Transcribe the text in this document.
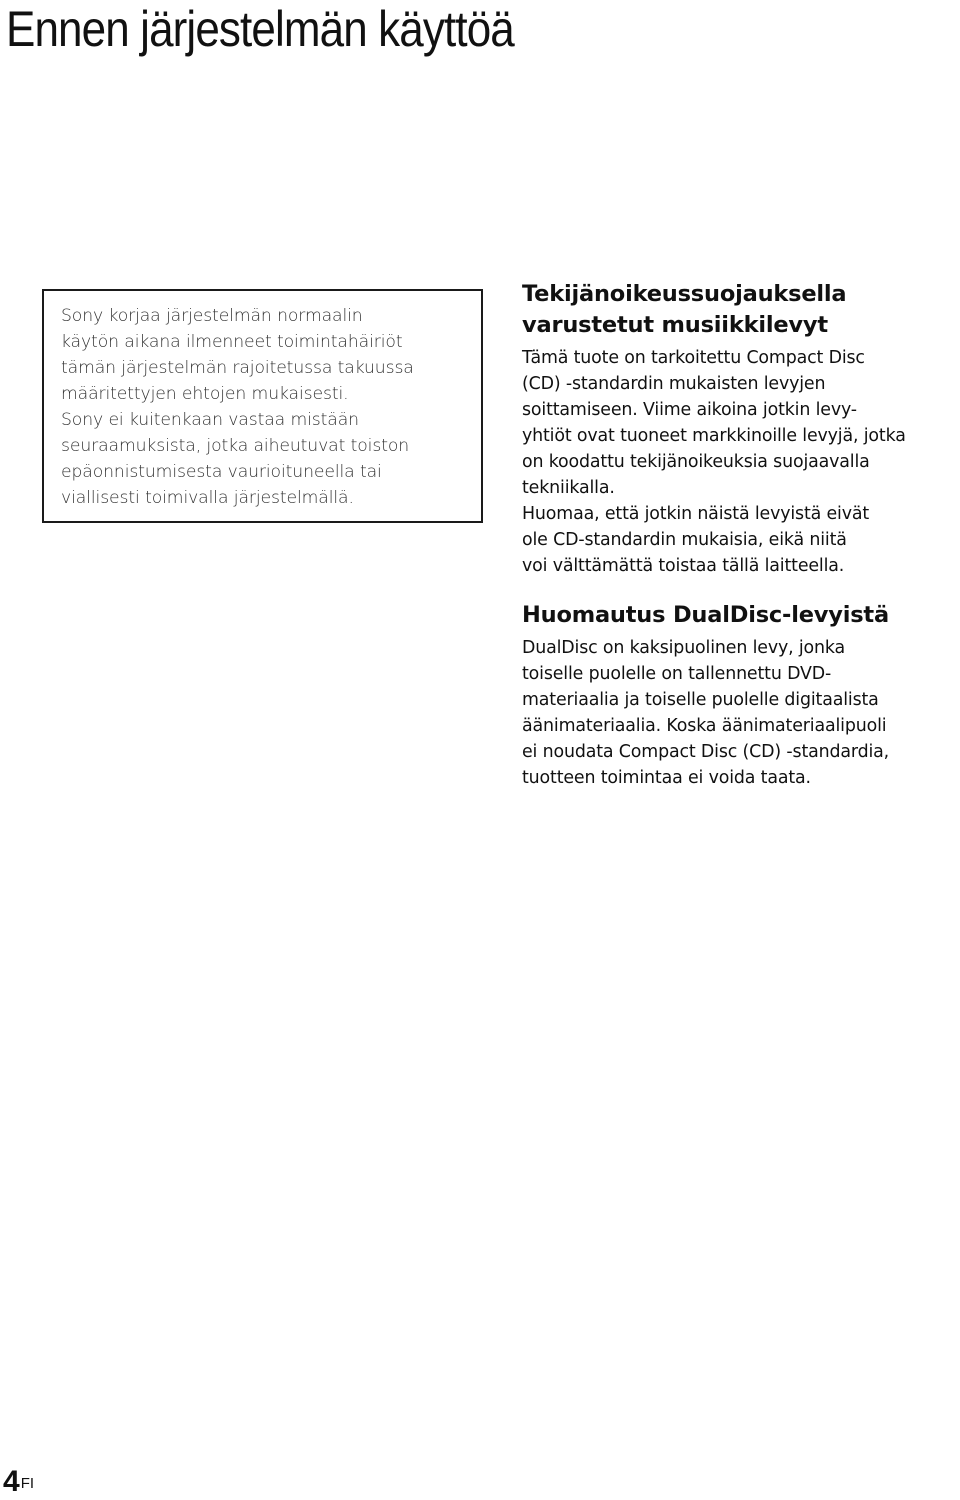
Ennen järjestelmän käyttöä

Sony korjaa järjestelmän normaalin
käytön aikana ilmenneet toimintahäiriöt
tämän järjestelmän rajoitetussa takuussa
määritettyjen ehtojen mukaisesti.
Sony ei kuitenkaan vastaa mistään
seuraamuksista, jotka aiheutuvat toiston
epäonnistumisesta vaurioituneella tai
viallisesti toimivalla järjestelmällä.

Tekijänoikeussuojauksella
varustetut musiikkilevyt

Tämä tuote on tarkoitettu Compact Disc
(CD) -standardin mukaisten levyjen
soittamiseen. Viime aikoina jotkin levy-
yhtiöt ovat tuoneet markkinoille levyjä, jotka
on koodattu tekijänoikeuksia suojaavalla
tekniikalla.
Huomaa, että jotkin näistä levyistä eivät
ole CD-standardin mukaisia, eikä niitä
voi välttämättä toistaa tällä laitteella.

Huomautus DualDisc-levyistä

DualDisc on kaksipuolinen levy, jonka
toiselle puolelle on tallennettu DVD-
materiaalia ja toiselle puolelle digitaalista
äänimateriaalia. Koska äänimateriaalipuoli
ei noudata Compact Disc (CD) -standardia,
tuotteen toimintaa ei voida taata.

$4^{FI}$
